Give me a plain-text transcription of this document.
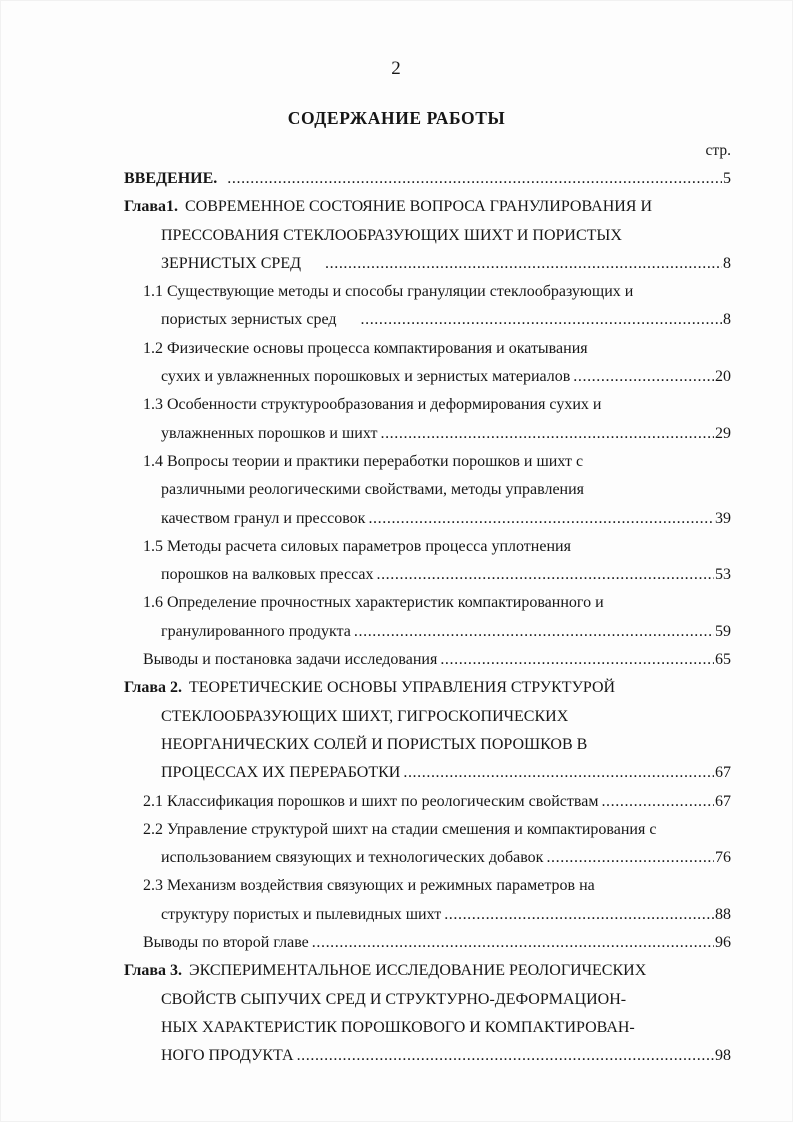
2
СОДЕРЖАНИЕ РАБОТЫ
стр.
ВВЕДЕНИЕ. .....	5
Глава1. СОВРЕМЕННОЕ СОСТОЯНИЕ ВОПРОСА ГРАНУЛИРОВАНИЯ И
ПРЕССОВАНИЯ СТЕКЛООБРАЗУЮЩИХ ШИХТ И ПОРИСТЫХ
ЗЕРНИСТЫХ СРЕД .....	8
1.1 Существующие методы и способы грануляции стеклообразующих и
пористых зернистых сред .....	8
1.2 Физические основы процесса компактирования и окатывания
сухих и увлажненных порошковых и зернистых материалов .....	20
1.3 Особенности структурообразования и деформирования сухих и
увлажненных порошков и шихт .....	29
1.4 Вопросы теории и практики переработки порошков и шихт с
различными реологическими свойствами, методы управления
качеством гранул и прессовок .....	39
1.5 Методы расчета силовых параметров процесса уплотнения
порошков на валковых прессах .....	53
1.6 Определение прочностных характеристик компактированного и
гранулированного продукта .....	59
Выводы и постановка задачи исследования .....	65
Глава 2. ТЕОРЕТИЧЕСКИЕ ОСНОВЫ УПРАВЛЕНИЯ СТРУКТУРОЙ
СТЕКЛООБРАЗУЮЩИХ ШИХТ, ГИГРОСКОПИЧЕСКИХ
НЕОРГАНИЧЕСКИХ СОЛЕЙ И ПОРИСТЫХ ПОРОШКОВ В
ПРОЦЕССАХ ИХ ПЕРЕРАБОТКИ .....	67
2.1 Классификация порошков и шихт по реологическим свойствам .....	67
2.2 Управление структурой шихт на стадии смешения и компактирования с
использованием связующих и технологических добавок .....	76
2.3 Механизм воздействия связующих и режимных параметров на
структуру пористых и пылевидных шихт .....	88
Выводы по второй главе .....	96
Глава 3. ЭКСПЕРИМЕНТАЛЬНОЕ ИССЛЕДОВАНИЕ РЕОЛОГИЧЕСКИХ
СВОЙСТВ СЫПУЧИХ СРЕД И СТРУКТУРНО-ДЕФОРМАЦИОН-
НЫХ ХАРАКТЕРИСТИК ПОРОШКОВОГО И КОМПАКТИРОВАН-
НОГО ПРОДУКТА .....	98
